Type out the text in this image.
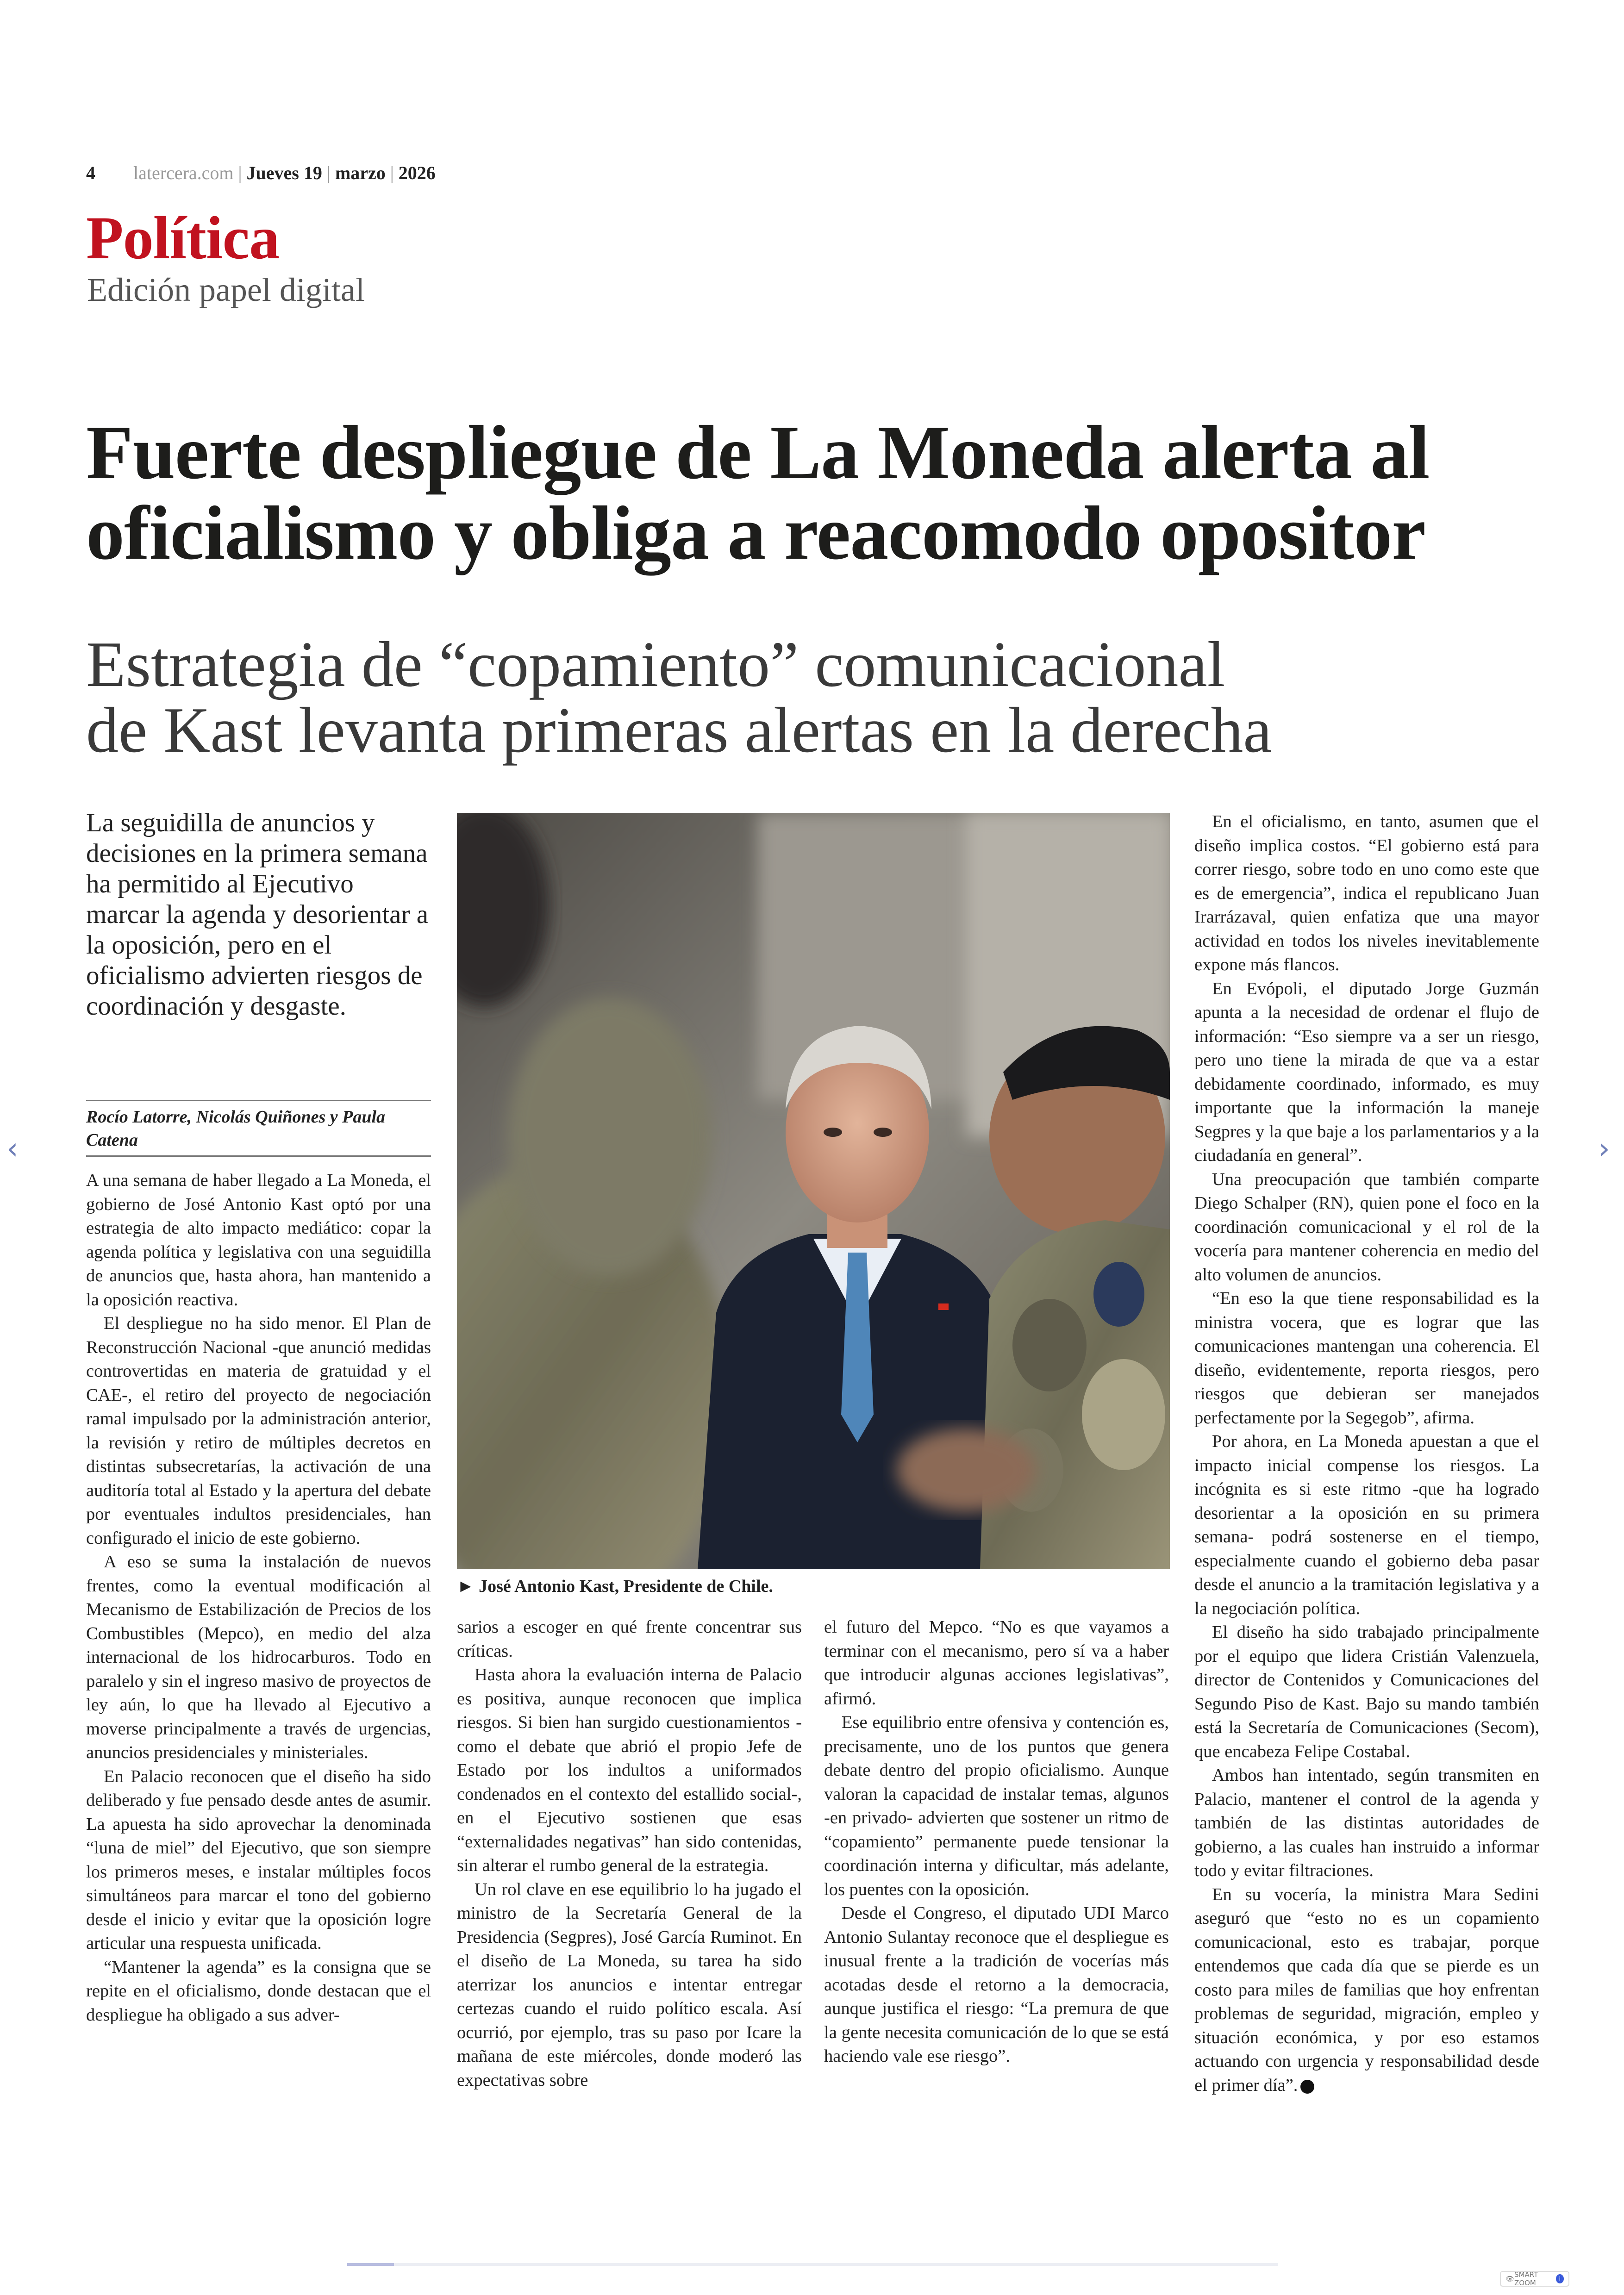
4 latercera.com | Jueves 19 | marzo | 2026
Política
Edición papel digital
Fuerte despliegue de La Moneda alerta al
oficialismo y obliga a reacomodo opositor
Estrategia de “copamiento” comunicacional
de Kast levanta primeras alertas en la derecha
La seguidilla de anuncios y decisiones en la primera semana ha permitido al Ejecutivo marcar la agenda y desorientar a la oposición, pero en el oficialismo advierten riesgos de coordinación y desgaste.
Rocío Latorre, Nicolás Quiñones y Paula Catena

A una semana de haber llegado a La Moneda, el gobierno de José Antonio Kast optó por una estrategia de alto impacto mediático: copar la agenda política y legislativa con una seguidilla de anuncios que, hasta ahora, han mantenido a la oposición reactiva.

El despliegue no ha sido menor. El Plan de Reconstrucción Nacional -que anunció medidas controvertidas en materia de gratuidad y el CAE-, el retiro del proyecto de negociación ramal impulsado por la administración anterior, la revisión y retiro de múltiples decretos en distintas subsecretarías, la activación de una auditoría total al Estado y la apertura del debate por eventuales indultos presidenciales, han configurado el inicio de este gobierno.

A eso se suma la instalación de nuevos frentes, como la eventual modificación al Mecanismo de Estabilización de Precios de los Combustibles (Mepco), en medio del alza internacional de los hidrocarburos. Todo en paralelo y sin el ingreso masivo de proyectos de ley aún, lo que ha llevado al Ejecutivo a moverse principalmente a través de urgencias, anuncios presidenciales y ministeriales.

En Palacio reconocen que el diseño ha sido deliberado y fue pensado desde antes de asumir. La apuesta ha sido aprovechar la denominada “luna de miel” del Ejecutivo, que son siempre los primeros meses, e instalar múltiples focos simultáneos para marcar el tono del gobierno desde el inicio y evitar que la oposición logre articular una respuesta unificada.

“Mantener la agenda” es la consigna que se repite en el oficialismo, donde destacan que el despliegue ha obligado a sus adver-

► José Antonio Kast, Presidente de Chile.

sarios a escoger en qué frente concentrar sus críticas.

Hasta ahora la evaluación interna de Palacio es positiva, aunque reconocen que implica riesgos. Si bien han surgido cuestionamientos -como el debate que abrió el propio Jefe de Estado por los indultos a uniformados condenados en el contexto del estallido social-, en el Ejecutivo sostienen que esas “externalidades negativas” han sido contenidas, sin alterar el rumbo general de la estrategia.

Un rol clave en ese equilibrio lo ha jugado el ministro de la Secretaría General de la Presidencia (Segpres), José García Ruminot. En el diseño de La Moneda, su tarea ha sido aterrizar los anuncios e intentar entregar certezas cuando el ruido político escala. Así ocurrió, por ejemplo, tras su paso por Icare la mañana de este miércoles, donde moderó las expectativas sobre

el futuro del Mepco. “No es que vayamos a terminar con el mecanismo, pero sí va a haber que introducir algunas acciones legislativas”, afirmó.

Ese equilibrio entre ofensiva y contención es, precisamente, uno de los puntos que genera debate dentro del propio oficialismo. Aunque valoran la capacidad de instalar temas, algunos -en privado- advierten que sostener un ritmo de “copamiento” permanente puede tensionar la coordinación interna y dificultar, más adelante, los puentes con la oposición.

Desde el Congreso, el diputado UDI Marco Antonio Sulantay reconoce que el despliegue es inusual frente a la tradición de vocerías más acotadas desde el retorno a la democracia, aunque justifica el riesgo: “La premura de que la gente necesita comunicación de lo que se está haciendo vale ese riesgo”.

En el oficialismo, en tanto, asumen que el diseño implica costos. “El gobierno está para correr riesgo, sobre todo en uno como este que es de emergencia”, indica el republicano Juan Irarrázaval, quien enfatiza que una mayor actividad en todos los niveles inevitablemente expone más flancos.

En Evópoli, el diputado Jorge Guzmán apunta a la necesidad de ordenar el flujo de información: “Eso siempre va a ser un riesgo, pero uno tiene la mirada de que va a estar debidamente coordinado, informado, es muy importante que la información la maneje Segpres y la que baje a los parlamentarios y a la ciudadanía en general”.

Una preocupación que también comparte Diego Schalper (RN), quien pone el foco en la coordinación comunicacional y el rol de la vocería para mantener coherencia en medio del alto volumen de anuncios.

“En eso la que tiene responsabilidad es la ministra vocera, que es lograr que las comunicaciones mantengan una coherencia. El diseño, evidentemente, reporta riesgos, pero riesgos que debieran ser manejados perfectamente por la Segegob”, afirma.

Por ahora, en La Moneda apuestan a que el impacto inicial compense los riesgos. La incógnita es si este ritmo -que ha logrado desorientar a la oposición en su primera semana- podrá sostenerse en el tiempo, especialmente cuando el gobierno deba pasar desde el anuncio a la tramitación legislativa y a la negociación política.

El diseño ha sido trabajado principalmente por el equipo que lidera Cristián Valenzuela, director de Contenidos y Comunicaciones del Segundo Piso de Kast. Bajo su mando también está la Secretaría de Comunicaciones (Secom), que encabeza Felipe Costabal.

Ambos han intentado, según transmiten en Palacio, mantener el control de la agenda y también de las distintas autoridades de gobierno, a las cuales han instruido a informar todo y evitar filtraciones.

En su vocería, la ministra Mara Sedini aseguró que “esto no es un copamiento comunicacional, esto es trabajar, porque entendemos que cada día que se pierde es un costo para miles de familias que hoy enfrentan problemas de seguridad, migración, empleo y situación económica, y por eso estamos actuando con urgencia y responsabilidad desde el primer día”.

‹	›
👁 SMART ZOOM	i
